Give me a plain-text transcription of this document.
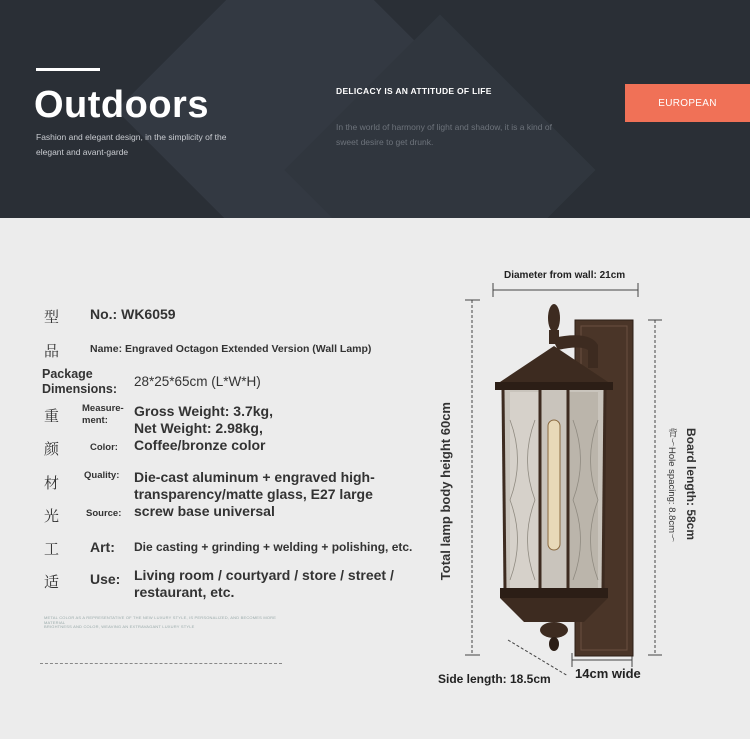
Outdoors
Fashion and elegant design, in the simplicity of the elegant and avant-garde
DELICACY IS AN ATTITUDE OF LIFE
In the world of harmony of light and shadow, it is a kind of sweet desire to get drunk.
EUROPEAN
型
品
重
颜
材
光
工
适
No.: WK6059
Name: Engraved Octagon Extended Version (Wall Lamp)
Package Dimensions:	28*25*65cm (L*W*H)
Measure-ment:
Gross Weight: 3.7kg,
Net Weight: 2.98kg,
Color: Coffee/bronze color
Quality: Die-cast aluminum + engraved high-transparency/matte glass, E27 large
Source: screw base universal
Art: Die casting + grinding + welding + polishing, etc.
Use: Living room / courtyard / store / street / restaurant, etc.
METAL COLOR AS A REPRESENTATIVE OF THE NEW LUXURY STYLE, IS PERSONALIZED, AND BECOMES MORE MATERIAL
BRIGHTNESS AND COLOR, WEAVING AN EXTRAVAGANT LUXURY STYLE
Diameter from wall: 21cm
Total lamp body height 60cm	Board length: 58cm
背～Hole spacing: 8.8cm～
Side length: 18.5cm 14cm wide
